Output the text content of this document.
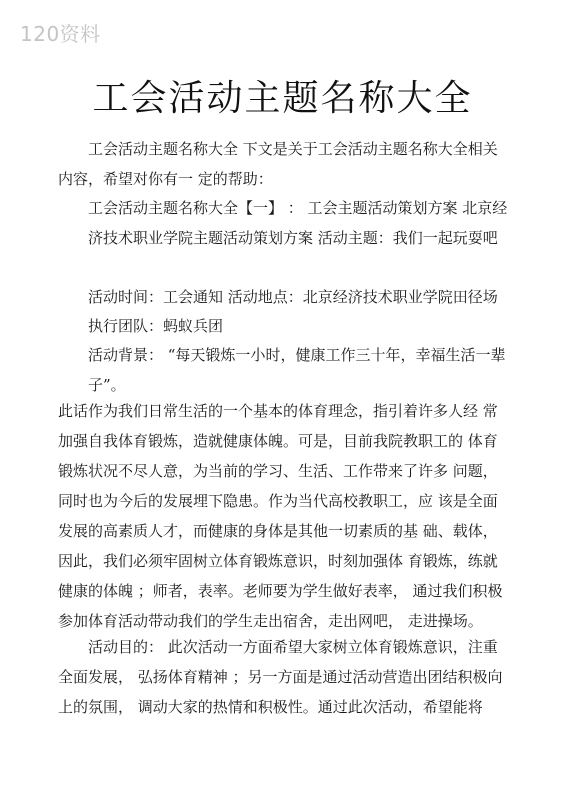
120资料
工会活动主题名称大全

工会活动主题名称大全 下文是关于工会活动主题名称大全相关内容，希望对你有一 定的帮助：

工会活动主题名称大全【一】 ： 工会主题活动策划方案 北京经济技术职业学院主题活动策划方案 活动主题：我们一起玩耍吧

活动时间：工会通知 活动地点：北京经济技术职业学院田径场

执行团队：蚂蚁兵团

活动背景： “每天锻炼一小时，健康工作三十年，幸福生活一辈子”。

此话作为我们日常生活的一个基本的体育理念，指引着许多人经 常加强自我体育锻炼，造就健康体魄。可是，目前我院教职工的 体育锻炼状况不尽人意，为当前的学习、生活、工作带来了许多 问题，同时也为今后的发展埋下隐患。作为当代高校教职工，应 该是全面发展的高素质人才，而健康的身体是其他一切素质的基 础、载体，因此，我们必须牢固树立体育锻炼意识，时刻加强体 育锻炼，练就健康的体魄 ；师者，表率。老师要为学生做好表率， 通过我们积极参加体育活动带动我们的学生走出宿舍，走出网吧， 走进操场。

活动目的： 此次活动一方面希望大家树立体育锻炼意识，注重全面发展， 弘扬体育精神 ；另一方面是通过活动营造出团结积极向上的氛围， 调动大家的热情和积极性。通过此次活动，希望能将
